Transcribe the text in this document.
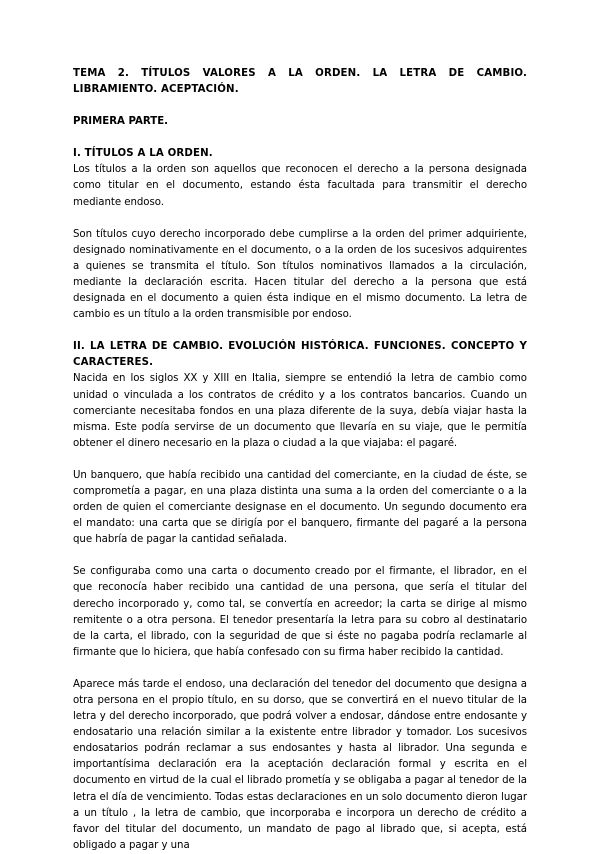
TEMA 2. TÍTULOS VALORES A LA ORDEN. LA LETRA DE CAMBIO. LIBRAMIENTO. ACEPTACIÓN.
PRIMERA PARTE.
I. TÍTULOS A LA ORDEN.

Los títulos a la orden son aquellos que reconocen el derecho a la persona designada como titular en el documento, estando ésta facultada para transmitir el derecho mediante endoso.

Son títulos cuyo derecho incorporado debe cumplirse a la orden del primer adquiriente, designado nominativamente en el documento, o a la orden de los sucesivos adquirentes a quienes se transmita el título. Son títulos nominativos llamados a la circulación, mediante la declaración escrita. Hacen titular del derecho a la persona que está designada en el documento a quien ésta indique en el mismo documento. La letra de cambio es un título a la orden transmisible por endoso.

II. LA LETRA DE CAMBIO. EVOLUCIÓN HISTÓRICA. FUNCIONES. CONCEPTO Y CARACTERES.

Nacida en los siglos XX y XIII en Italia, siempre se entendió la letra de cambio como unidad o vinculada a los contratos de crédito y a los contratos bancarios. Cuando un comerciante necesitaba fondos en una plaza diferente de la suya, debía viajar hasta la misma. Este podía servirse de un documento que llevaría en su viaje, que le permitía obtener el dinero necesario en la plaza o ciudad a la que viajaba: el pagaré.

Un banquero, que había recibido una cantidad del comerciante, en la ciudad de éste, se comprometía a pagar, en una plaza distinta una suma a la orden del comerciante o a la orden de quien el comerciante designase en el documento. Un segundo documento era el mandato: una carta que se dirigía por el banquero, firmante del pagaré a la persona que habría de pagar la cantidad señalada.

Se configuraba como una carta o documento creado por el firmante, el librador, en el que reconocía haber recibido una cantidad de una persona, que sería el titular del derecho incorporado y, como tal, se convertía en acreedor; la carta se dirige al mismo remitente o a otra persona. El tenedor presentaría la letra para su cobro al destinatario de la carta, el librado, con la seguridad de que si éste no pagaba podría reclamarle al firmante que lo hiciera, que había confesado con su firma haber recibido la cantidad.

Aparece más tarde el endoso, una declaración del tenedor del documento que designa a otra persona en el propio título, en su dorso, que se convertirá en el nuevo titular de la letra y del derecho incorporado, que podrá volver a endosar, dándose entre endosante y endosatario una relación similar a la existente entre librador y tomador. Los sucesivos endosatarios podrán reclamar a sus endosantes y hasta al librador. Una segunda e importantísima declaración era la aceptación declaración formal y escrita en el documento en virtud de la cual el librado prometía y se obligaba a pagar al tenedor de la letra el día de vencimiento. Todas estas declaraciones en un solo documento dieron lugar a un título , la letra de cambio, que incorporaba e incorpora un derecho de crédito a favor del titular del documento, un mandato de pago al librado que, si acepta, está obligado a pagar y una
